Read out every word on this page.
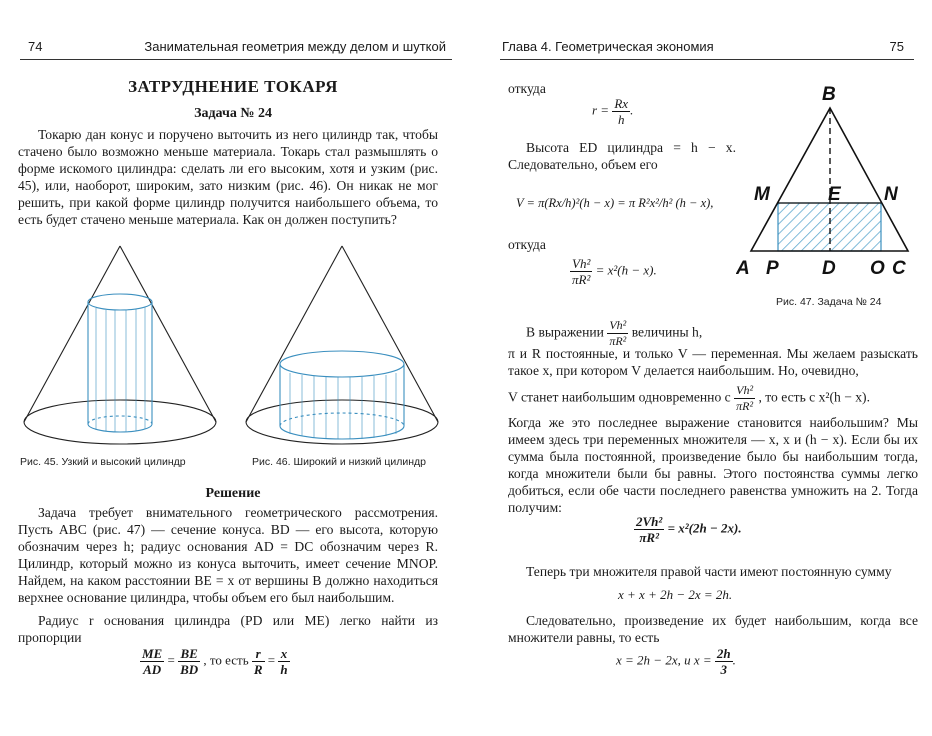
74	Занимательная геометрия между делом и шуткой
ЗАТРУДНЕНИЕ ТОКАРЯ
Задача № 24
Токарю дан конус и поручено выточить из него цилиндр так, чтобы стачено было возможно меньше материала. Токарь стал размышлять о форме искомого цилиндра: сделать ли его высоким, хотя и узким (рис. 45), или, наоборот, широким, зато низким (рис. 46). Он никак не мог решить, при какой форме цилиндр получится наибольшего объема, то есть будет стачено меньше материала. Как он должен поступить?
Рис. 45. Узкий и высокий цилиндр	Рис. 46. Широкий и низкий цилиндр
Решение
Задача требует внимательного геометрического рассмотрения. Пусть ABC (рис. 47) — сечение конуса. BD — его высота, которую обозначим через h; радиус основания AD = DC обозначим через R. Цилиндр, который можно из конуса выточить, имеет сечение MNOP. Найдем, на каком расстоянии BE = x от вершины B должно находиться верхнее основание цилиндра, чтобы объем его был наибольшим.
Радиус r основания цилиндра (PD или ME) легко найти из пропорции
$\frac{ME}{AD} = \frac{BE}{BD}$ , то есть $\frac{r}{R} = \frac{x}{h}$
Глава 4. Геометрическая экономия	75
откуда
$r = \frac{Rx}{h}$ .
Высота ED цилиндра = h − x. Следовательно, объем его
V = π(Rx/h)²(h − x) = π R²x²/h² (h − x),
откуда
$\frac{\text{Vh²}}{\text{πR²}} = x^2(h - x)$.
B
M	E N
A P D O C
Рис. 47. Задача № 24
В выражении $\frac{\text{Vh²}}{\text{πR²}}$ величины h,
π и R постоянные, и только V — переменная. Мы желаем разыскать такое x, при котором V делается наибольшим. Но, очевидно,
V станет наибольшим одновременно с $\frac{\text{Vh²}}{\text{πR²}}$ , то есть с x²(h − x).
Когда же это последнее выражение становится наибольшим? Мы имеем здесь три переменных множителя — x, x и (h − x). Если бы их сумма была постоянной, произведение было бы наибольшим тогда, когда множители были бы равны. Этого постоянства суммы легко добиться, если обе части последнего равенства умножить на 2. Тогда получим:
$\frac{\text{2Vh²}}{\text{πR²}} = x^2(2h - 2x)$.
Теперь три множителя правой части имеют постоянную сумму
x + x + 2h − 2x = 2h.
Следовательно, произведение их будет наибольшим, когда все множители равны, то есть
x = 2h − 2x, и $x = \frac{2h}{3}$ .
